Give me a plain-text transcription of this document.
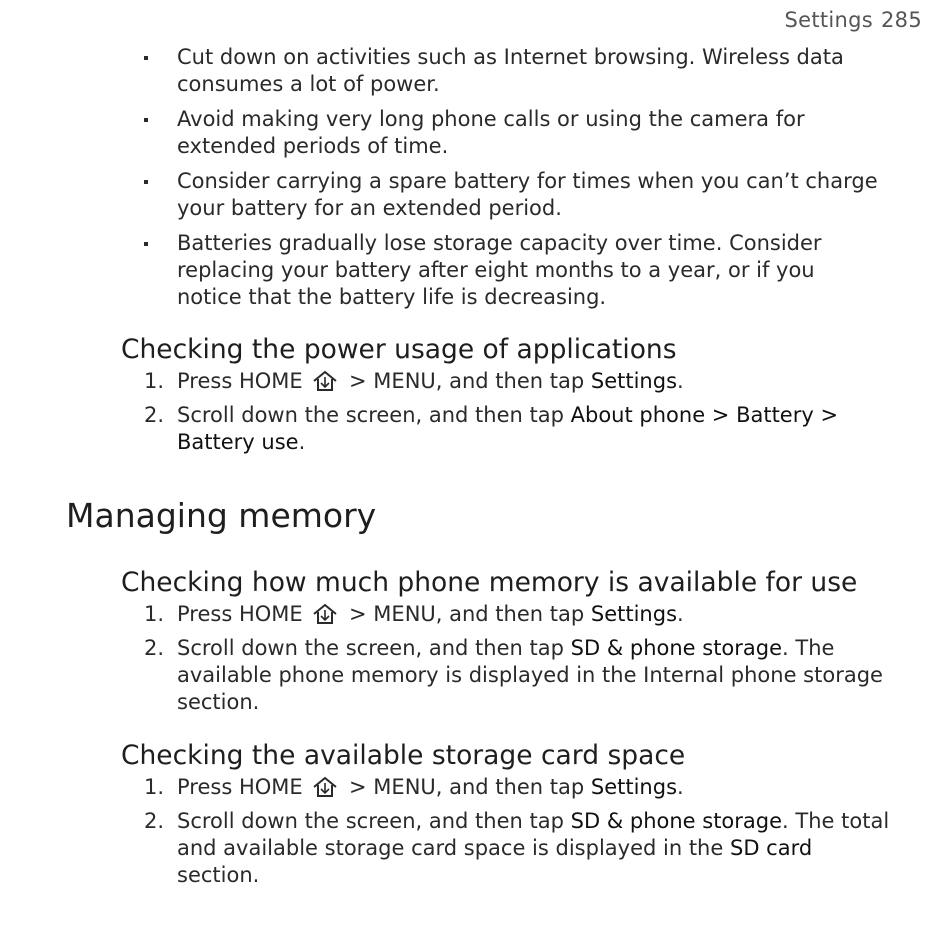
Settings 285
Cut down on activities such as Internet browsing. Wireless data consumes a lot of power.
Avoid making very long phone calls or using the camera for extended periods of time.
Consider carrying a spare battery for times when you can’t charge your battery for an extended period.
Batteries gradually lose storage capacity over time. Consider replacing your battery after eight months to a year, or if you notice that the battery life is decreasing.
Checking the power usage of applications
1. Press HOME > MENU, and then tap Settings.
2. Scroll down the screen, and then tap About phone > Battery > Battery use.
Managing memory
Checking how much phone memory is available for use
1. Press HOME > MENU, and then tap Settings.
2. Scroll down the screen, and then tap SD & phone storage. The available phone memory is displayed in the Internal phone storage section.
Checking the available storage card space
1. Press HOME > MENU, and then tap Settings.
2. Scroll down the screen, and then tap SD & phone storage. The total and available storage card space is displayed in the SD card section.
